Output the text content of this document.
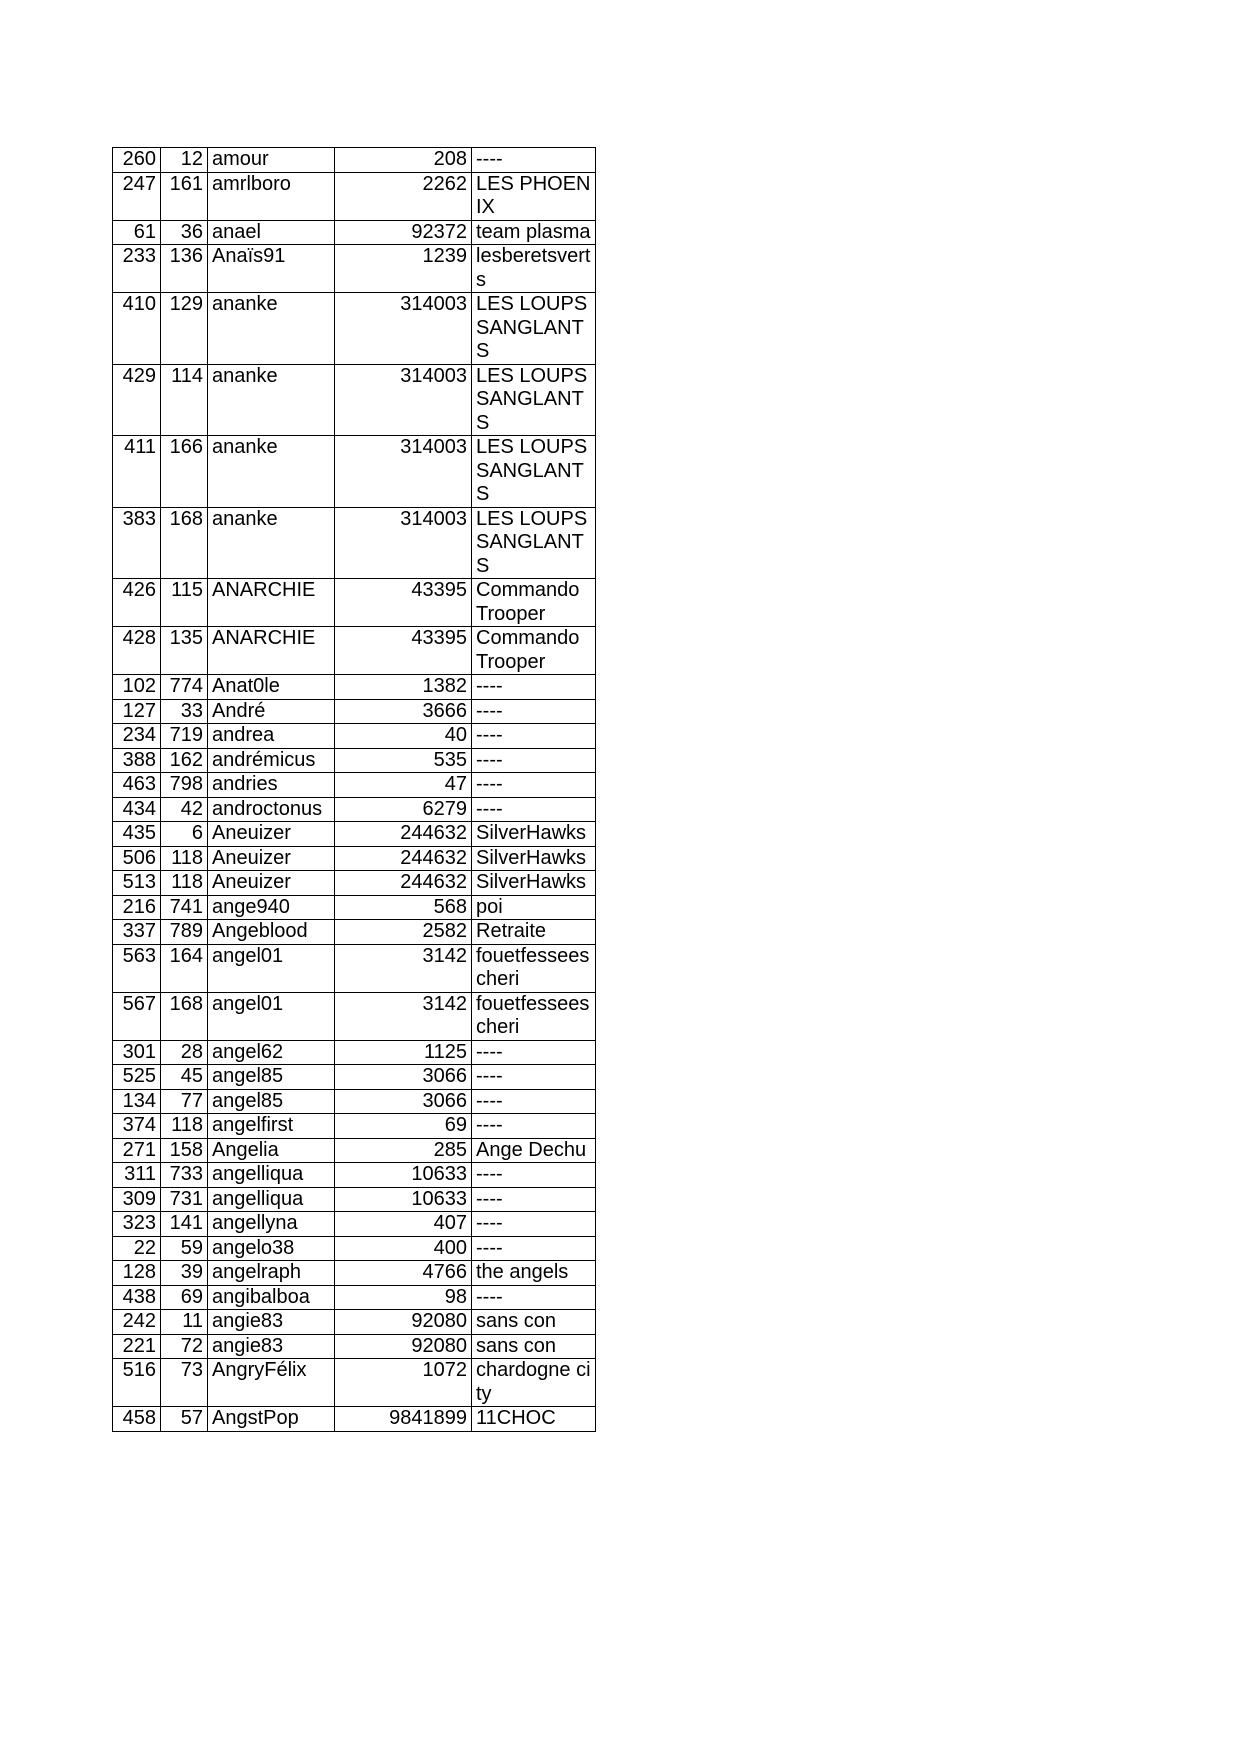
260	12	amour	208	----
247	161	amrlboro	2262	LES PHOENIX
61	36	anael	92372	team plasma
233	136	Anaïs91	1239	lesberetsverts
410	129	ananke	314003	LES LOUPS SANGLANTS
429	114	ananke	314003	LES LOUPS SANGLANTS
411	166	ananke	314003	LES LOUPS SANGLANTS
383	168	ananke	314003	LES LOUPS SANGLANTS
426	115	ANARCHIE	43395	Commando Trooper
428	135	ANARCHIE	43395	Commando Trooper
102	774	Anat0le	1382	----
127	33	André	3666	----
234	719	andrea	40	----
388	162	andrémicus	535	----
463	798	andries	47	----
434	42	androctonus	6279	----
435	6	Aneuizer	244632	SilverHawks
506	118	Aneuizer	244632	SilverHawks
513	118	Aneuizer	244632	SilverHawks
216	741	ange940	568	poi
337	789	Angeblood	2582	Retraite
563	164	angel01	3142	fouetfessees cheri
567	168	angel01	3142	fouetfessees cheri
301	28	angel62	1125	----
525	45	angel85	3066	----
134	77	angel85	3066	----
374	118	angelfirst	69	----
271	158	Angelia	285	Ange Dechu
311	733	angelliqua	10633	----
309	731	angelliqua	10633	----
323	141	angellyna	407	----
22	59	angelo38	400	----
128	39	angelraph	4766	the angels
438	69	angibalboa	98	----
242	11	angie83	92080	sans con
221	72	angie83	92080	sans con
516	73	AngryFélix	1072	chardogne city
458	57	AngstPop	9841899	11CHOC
